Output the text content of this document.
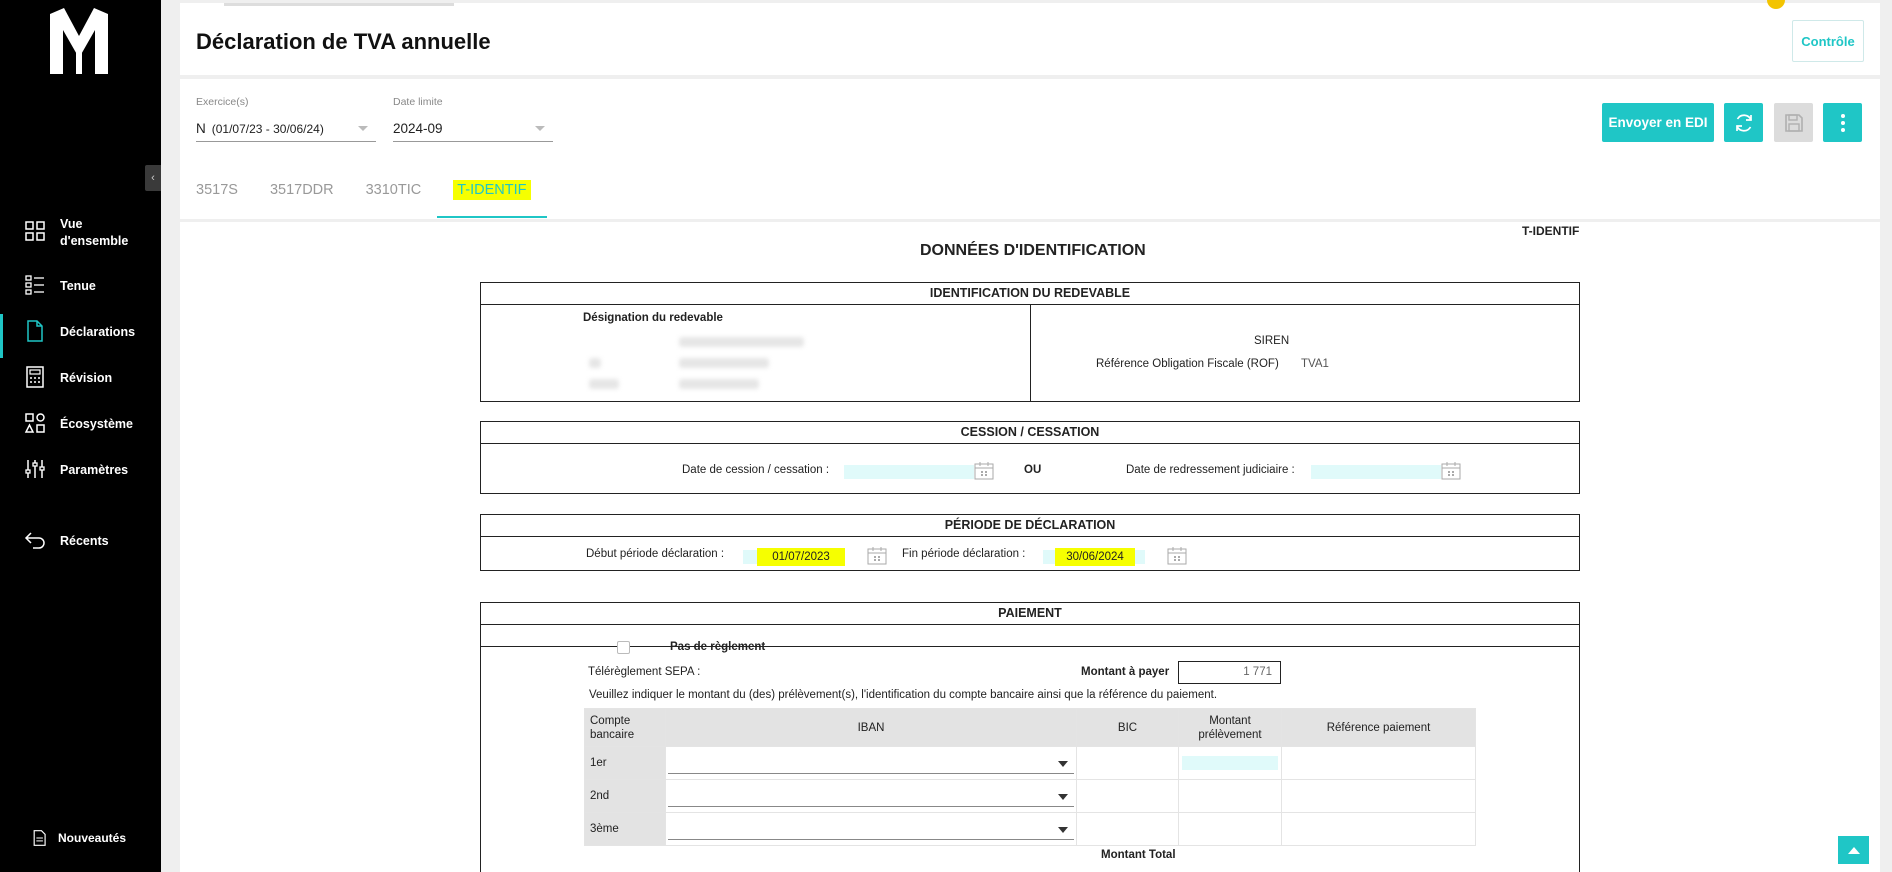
‹
Vue d'ensemble
Tenue
Déclarations
Révision
Écosystème
Paramètres
Récents
Nouveautés
Déclaration de TVA annuelle	Contrôle
Exercice(s)
N (01/07/23 - 30/06/24)
Date limite
2024-09	Envoyer en EDI
3517S	3517DDR	3310TIC	T-IDENTIF
T-IDENTIF
DONNÉES D'IDENTIFICATION
IDENTIFICATION DU REDEVABLE
Désignation du redevable
SIREN
Référence Obligation Fiscale (ROF) TVA1
CESSION / CESSATION
Date de cession / cessation :	OU	Date de redressement judiciaire :
PÉRIODE DE DÉCLARATION
Début période déclaration :	01/07/2023	Fin période déclaration :	30/06/2024
PAIEMENT
Pas de règlement
Télérèglement SEPA :	Montant à payer	1 771
Veuillez indiquer le montant du (des) prélèvement(s), l'identification du compte bancaire ainsi que la référence du paiement.
Compte bancaire	IBAN	BIC	Montant prélèvement	Référence paiement
1er	

2nd	

3ème	

Montant Total
